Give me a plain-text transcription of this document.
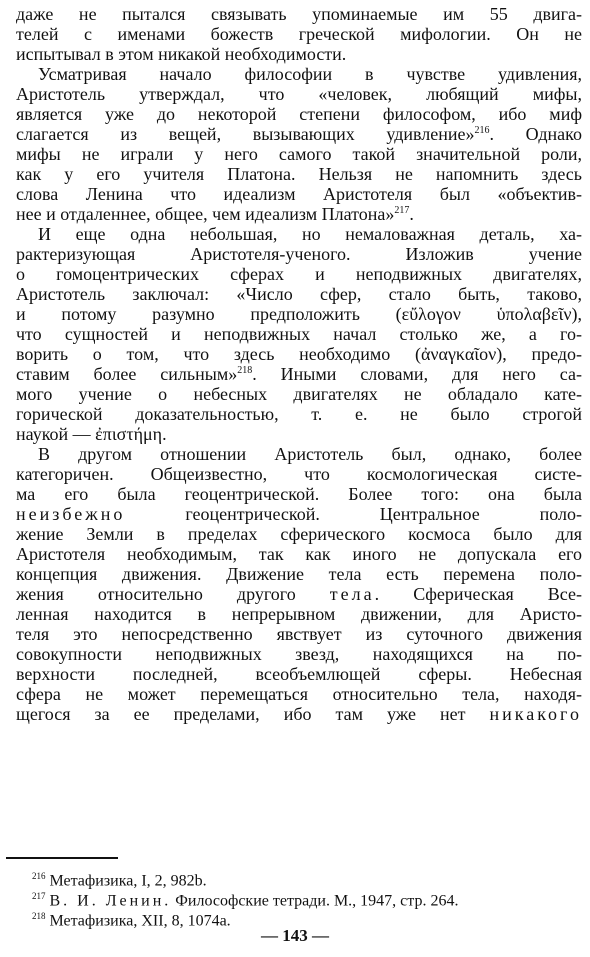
даже не пытался связывать упоминаемые им 55 двига-
телей с именами божеств греческой мифологии. Он не
испытывал в этом никакой необходимости.
Усматривая начало философии в чувстве удивления,
Аристотель утверждал, что «человек, любящий мифы,
является уже до некоторой степени философом, ибо миф
слагается из вещей, вызывающих удивление»$^{216}$. Однако
мифы не играли у него самого такой значительной роли,
как у его учителя Платона. Нельзя не напомнить здесь
слова Ленина что идеализм Аристотеля был «объектив-
нее и отдаленнее, общее, чем идеализм Платона»$^{217}$.
И еще одна небольшая, но немаловажная деталь, ха-
рактеризующая Аристотеля-ученого. Изложив учение
о гомоцентрических сферах и неподвижных двигателях,
Аристотель заключал: «Число сфер, стало быть, таково,
и потому разумно предположить (εὔλογον ὑπολαβεῖν),
что сущностей и неподвижных начал столько же, а го-
ворить о том, что здесь необходимо (ἀναγκαῖον), предо-
ставим более сильным»$^{218}$. Иными словами, для него са-
мого учение о небесных двигателях не обладало кате-
горической доказательностью, т. е. не было строгой
наукой — ἐπιστήμη.
В другом отношении Аристотель был, однако, более
категоричен. Общеизвестно, что космологическая систе-
ма его была геоцентрической. Более того: она была
неизбежно	геоцентрической. Центральное поло-
жение Земли в пределах сферического космоса было для
Аристотеля необходимым, так как иного не допускала его
концепция движения. Движение тела есть перемена поло-
жения относительно другого тела. Сферическая Все-
ленная находится в непрерывном движении, для Аристо-
теля это непосредственно явствует из суточного движения
совокупности неподвижных звезд, находящихся на по-
верхности последней, всеобъемлющей сферы. Небесная
сфера не может перемещаться относительно тела, находя-
щегося за ее пределами, ибо там уже нет никакого
$^{216}$ Метафизика, I, 2, 982b.
$^{217}$ В. И. Ленин. Философские тетради. М., 1947, стр. 264.
$^{218}$ Метафизика, XII, 8, 1074a.
— 143 —
